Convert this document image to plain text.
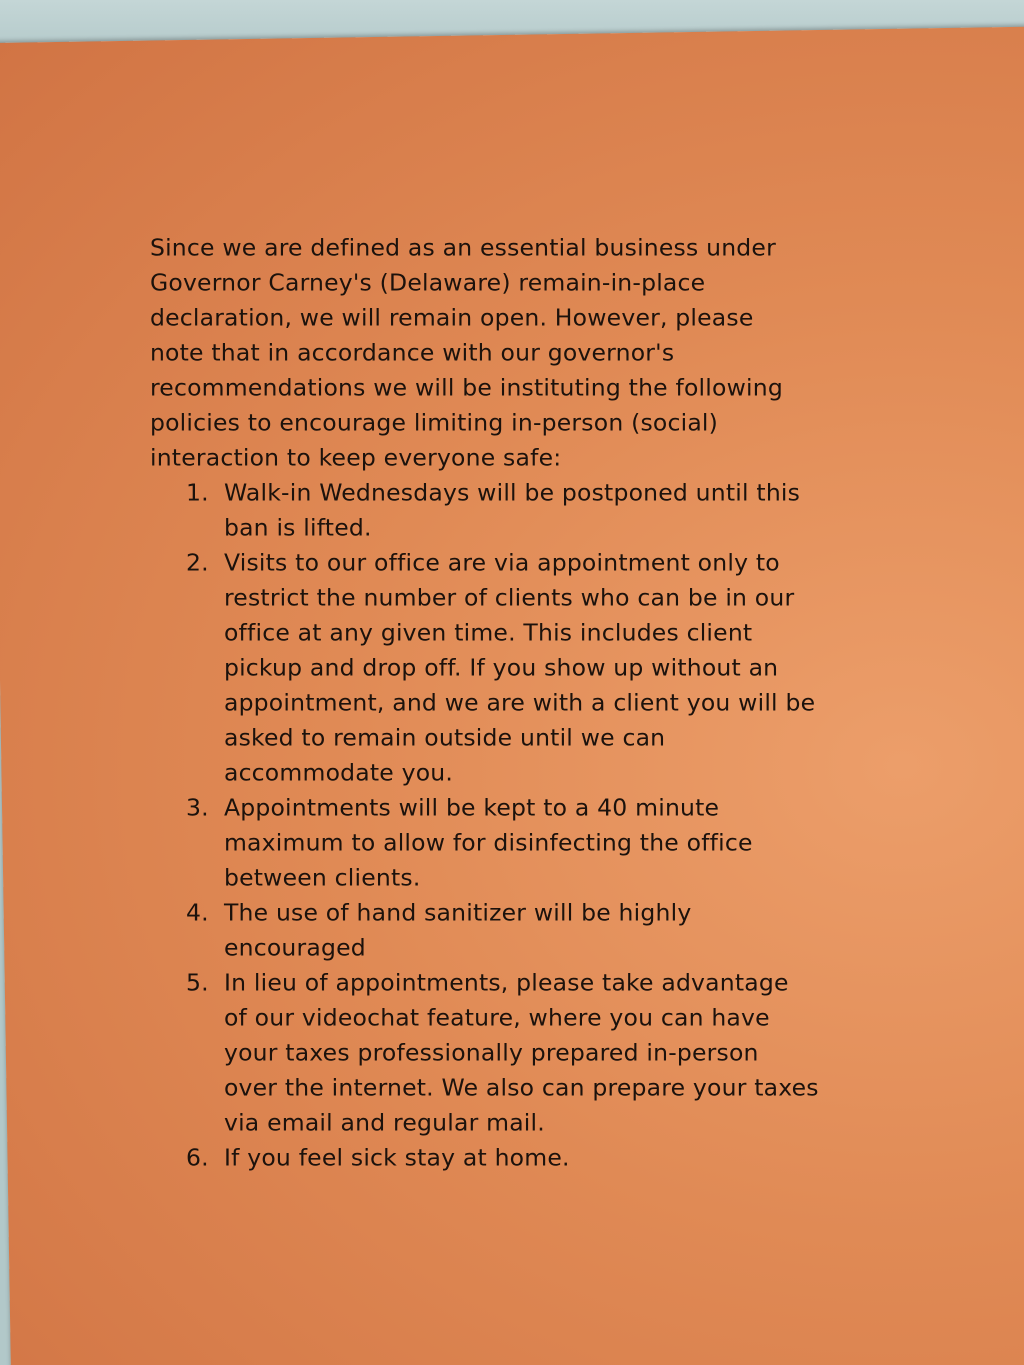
Since we are defined as an essential business under Governor Carney's (Delaware) remain-in-place declaration, we will remain open. However, please note that in accordance with our governor's recommendations we will be instituting the following policies to encourage limiting in-person (social) interaction to keep everyone safe:

1. Walk-in Wednesdays will be postponed until this ban is lifted.
2. Visits to our office are via appointment only to restrict the number of clients who can be in our office at any given time. This includes client pickup and drop off. If you show up without an appointment, and we are with a client you will be asked to remain outside until we can accommodate you.
3. Appointments will be kept to a 40 minute maximum to allow for disinfecting the office between clients.
4. The use of hand sanitizer will be highly encouraged
5. In lieu of appointments, please take advantage of our videochat feature, where you can have your taxes professionally prepared in-person over the internet. We also can prepare your taxes via email and regular mail.
6. If you feel sick stay at home.
